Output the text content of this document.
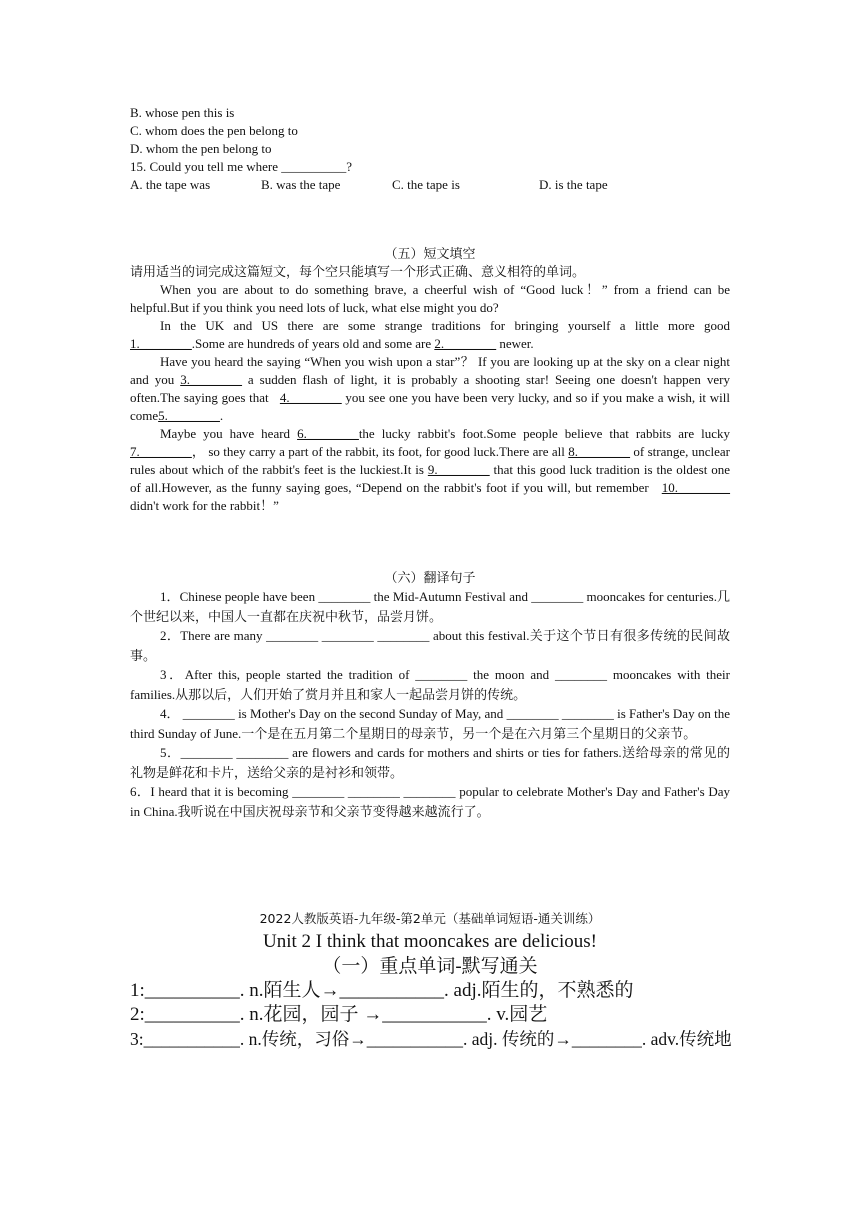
B. whose pen this is
C. whom does the pen belong to
D. whom the pen belong to
15. Could you tell me where __________?
A. the tape was	B. was the tape	C. the tape is	D. is the tape
（五）短文填空
请用适当的词完成这篇短文，每个空只能填写一个形式正确、意义相符的单词。
When you are about to do something brave, a cheerful wish of “Good luck！” from a friend can be helpful.But if you think you need lots of luck, what else might you do?
In the UK and US there are some strange traditions for bringing yourself a little more good 1.________.Some are hundreds of years old and some are 2.________ newer.
Have you heard the saying “When you wish upon a star”？ If you are looking up at the sky on a clear night and you 3.________ a sudden flash of light, it is probably a shooting star! Seeing one doesn't happen very often.The saying goes that 4.________ you see one you have been very lucky, and so if you make a wish, it will come5.________.
Maybe you have heard 6.________the lucky rabbit's foot.Some people believe that rabbits are lucky 7.________， so they carry a part of the rabbit, its foot, for good luck.There are all 8.________ of strange, unclear rules about which of the rabbit's feet is the luckiest.It is 9.________ that this good luck tradition is the oldest one of all.However, as the funny saying goes, “Depend on the rabbit's foot if you will, but remember 10.________ didn't work for the rabbit！”
（六）翻译句子
1．Chinese people have been ________ the Mid-Autumn Festival and ________ mooncakes for centuries.几个世纪以来，中国人一直都在庆祝中秋节，品尝月饼。
2．There are many ________ ________ ________ about this festival.关于这个节日有很多传统的民间故事。
3．After this, people started the tradition of ________ the moon and ________ mooncakes with their families.从那以后，人们开始了赏月并且和家人一起品尝月饼的传统。
4． ________ is Mother's Day on the second Sunday of May, and ________ ________ is Father's Day on the third Sunday of June.一个是在五月第二个星期日的母亲节，另一个是在六月第三个星期日的父亲节。
5．________ ________ are flowers and cards for mothers and shirts or ties for fathers.送给母亲的常见的礼物是鲜花和卡片，送给父亲的是衬衫和领带。
6．I heard that it is becoming ________ ________ ________ popular to celebrate Mother's Day and Father's Day in China.我听说在中国庆祝母亲节和父亲节变得越来越流行了。
2022人教版英语-九年级-第2单元（基础单词短语-通关训练）
Unit 2 I think that mooncakes are delicious!
（一）重点单词-默写通关
1:__________. n.陌生人→___________. adj.陌生的，不熟悉的
2:__________. n.花园，园子 →___________. v.园艺
3:___________. n.传统，习俗→___________. adj. 传统的→________. adv.传统地
